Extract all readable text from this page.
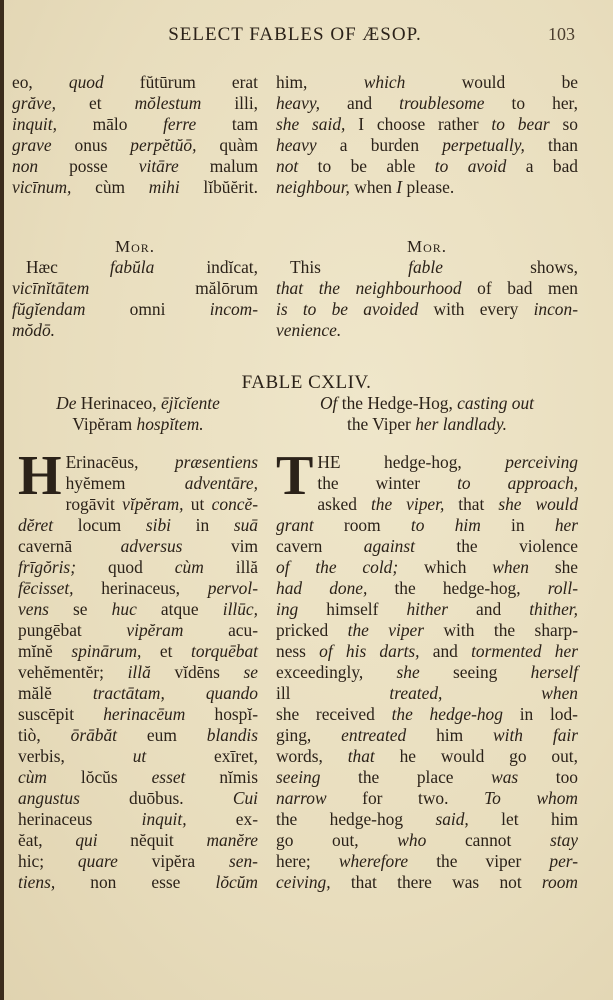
SELECT FABLES OF ÆSOP.	103
eo, quod fŭtūrum erat
grăve, et mŏlestum illi,
inquit, mālo ferre tam
grave onus perpĕtŭō, quàm
non posse vitāre malum
vicīnum, cùm mihi lĭbŭĕrit.
him, which would be
heavy, and troublesome to her,
she said, I choose rather to bear so
heavy a burden perpetually, than
not to be able to avoid a bad
neighbour, when I please.
Mor.
Hæc fabŭla indĭcat,
vicīnĭtātem mălōrum
fŭgĭendam omni incom-
mŏdō.
Mor.
This fable shows,
that the neighbourhood of bad men
is to be avoided with every incon-
venience.
FABLE CXLIV.
De Herinaceo, ējĭcĭente
Vipĕram hospĭtem.
Of the Hedge-Hog, casting out
the Viper her landlady.
H Erinacēus, præsentiens
hyĕmem adventāre,
rogāvit vĭpĕram, ut concĕ-
dĕret locum sibi in suā
cavernā adversus vim
frīgŏris; quod cùm illă
fēcisset, herinaceus, pervol-
vens se huc atque illūc,
pungēbat vipĕram acu-
mĭnĕ spinārum, et torquēbat
vehĕmentĕr; illă vĭdēns se
mălĕ tractātam, quando
suscēpit herinacēum hospĭ-
tiò, ōrābăt eum blandis
verbis, ut exīret,
cùm lŏcŭs esset nĭmis
angustus duōbus. Cui
herinaceus inquit, ex-
ĕat, qui nĕquit manĕre
hic; quare vipĕra sen-
tiens, non esse lŏcŭm
T HE hedge-hog, perceiving
the winter to approach,
asked the viper, that she would
grant room to him in her
cavern against the violence
of the cold; which when she
had done, the hedge-hog, roll-
ing himself hither and thither,
pricked the viper with the sharp-
ness of his darts, and tormented her
exceedingly, she seeing herself
ill treated,	when
she received the hedge-hog in lod-
ging, entreated him with fair
words, that he would go out,
seeing the place was too
narrow for two. To whom
the hedge-hog said, let him
go out, who cannot stay
here; wherefore the viper per-
ceiving, that there was not room
